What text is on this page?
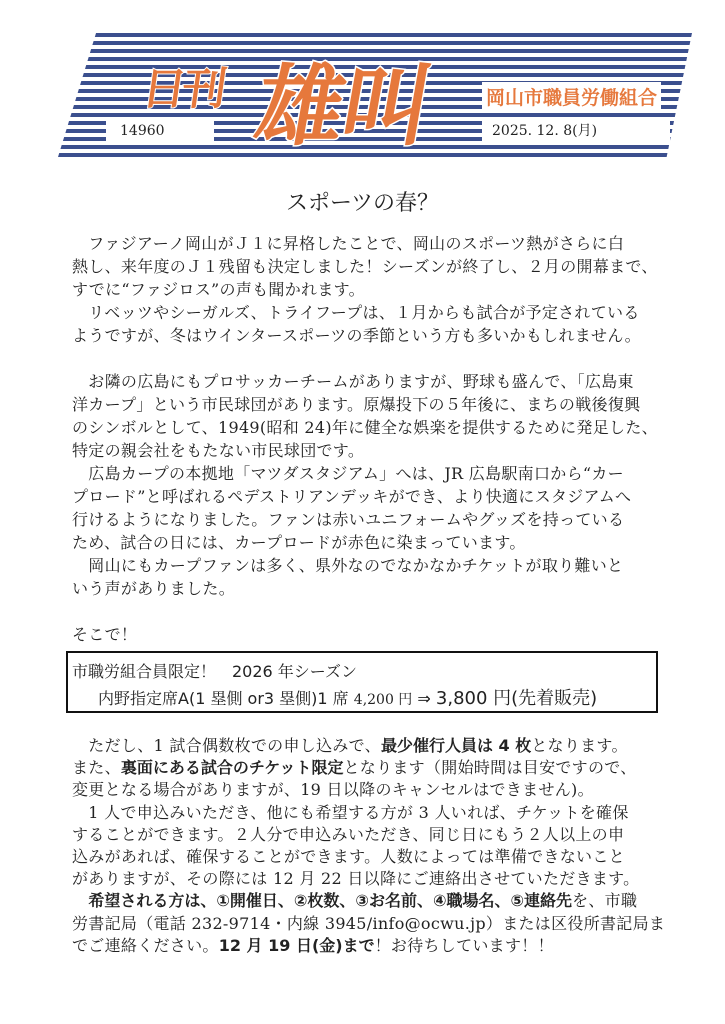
日刊 雄叫	岡山市職員労働組合
14960	2025. 12. 8(月)
スポーツの春？
　ファジアーノ岡山がＪ１に昇格したことで、岡山のスポーツ熱がさらに白
熱し、来年度のＪ１残留も決定しました！シーズンが終了し、２月の開幕まで、
すでに“ファジロス”の声も聞かれます。
　リベッツやシーガルズ、トライフープは、１月からも試合が予定されている
ようですが、冬はウインタースポーツの季節という方も多いかもしれません。
　お隣の広島にもプロサッカーチームがありますが、野球も盛んで、「広島東
洋カープ」という市民球団があります。原爆投下の５年後に、まちの戦後復興
のシンボルとして、1949(昭和 24)年に健全な娯楽を提供するために発足した、
特定の親会社をもたない市民球団です。
　広島カープの本拠地「マツダスタジアム」へは、JR 広島駅南口から“カー
プロード”と呼ばれるペデストリアンデッキができ、より快適にスタジアムへ
行けるようになりました。ファンは赤いユニフォームやグッズを持っている
ため、試合の日には、カープロードが赤色に染まっています。
　岡山にもカープファンは多く、県外なのでなかなかチケットが取り難いと
いう声がありました。
そこで！
市職労組合員限定！　2026 年シーズン
内野指定席A(1 塁側 or3 塁側)1 席 4,200 円 ⇒ 3,800 円(先着販売)
　ただし、1 試合偶数枚での申し込みで、最少催行人員は 4 枚となります。
また、裏面にある試合のチケット限定となります（開始時間は目安ですので、
変更となる場合がありますが、19 日以降のキャンセルはできません)。
　1 人で申込みいただき、他にも希望する方が 3 人いれば、チケットを確保
することができます。２人分で申込みいただき、同じ日にもう２人以上の申
込みがあれば、確保することができます。人数によっては準備できないこと
がありますが、その際には 12 月 22 日以降にご連絡出させていただきます。
　希望される方は、①開催日、②枚数、③お名前、④職場名、⑤連絡先を、市職
労書記局（電話 232-9714・内線 3945/info@ocwu.jp）または区役所書記局ま
でご連絡ください。12 月 19 日(金)まで！お待ちしています！！
